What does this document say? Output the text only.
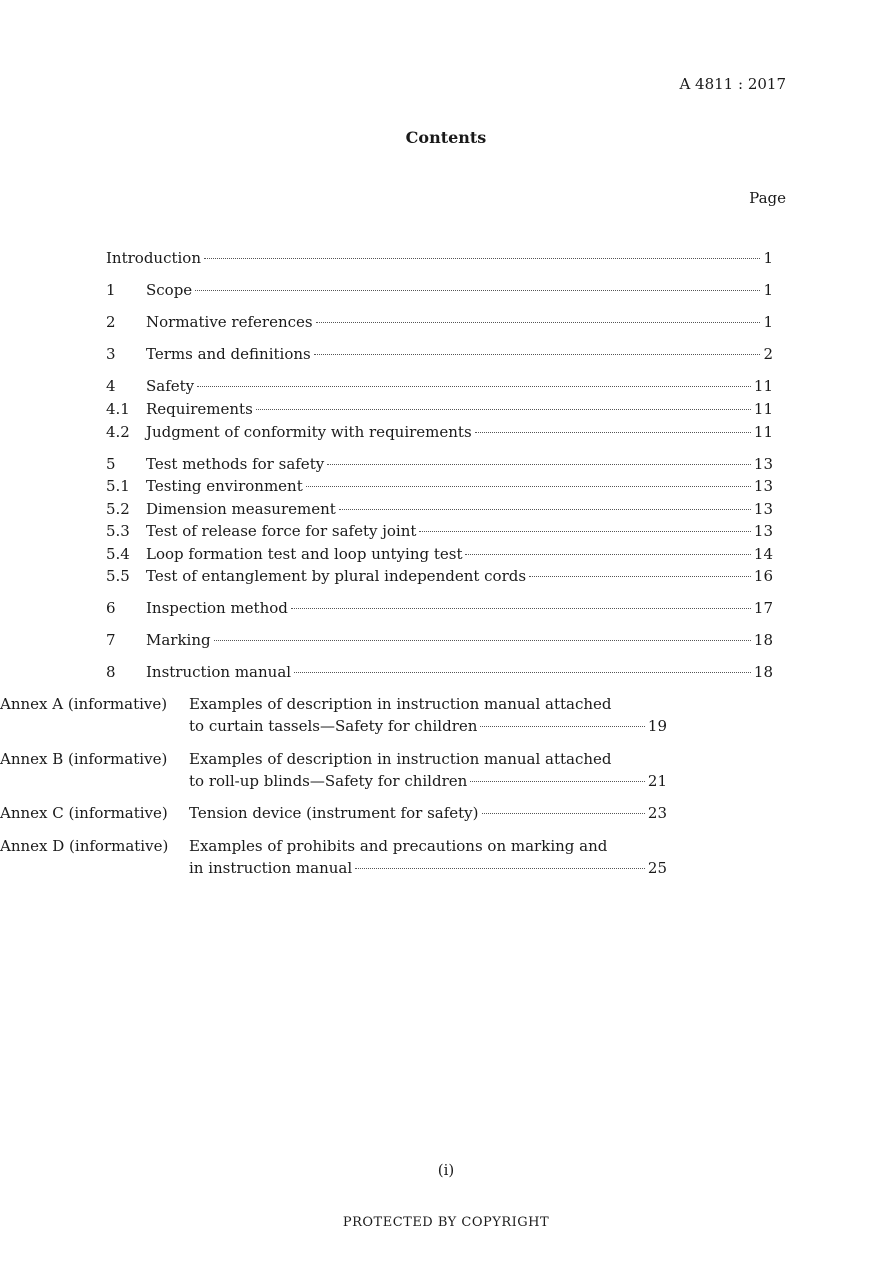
A 4811 : 2017
Contents
Page
Introduction	1
1	Scope	1
2	Normative references	1
3	Terms and definitions	2
4	Safety	11
4.1	Requirements	11
4.2	Judgment of conformity with requirements	11
5	Test methods for safety	13
5.1	Testing environment	13
5.2	Dimension measurement	13
5.3	Test of release force for safety joint	13
5.4	Loop formation test and loop untying test	14
5.5	Test of entanglement by plural independent cords	16
6	Inspection method	17
7	Marking	18
8	Instruction manual	18
Annex A (informative) Examples of description in instruction manual attached
to curtain tassels—Safety for children	19
Annex B (informative) Examples of description in instruction manual attached
to roll-up blinds—Safety for children	21
Annex C (informative) Tension device (instrument for safety)	23
Annex D (informative) Examples of prohibits and precautions on marking and
in instruction manual	25
(i)
PROTECTED BY COPYRIGHT
